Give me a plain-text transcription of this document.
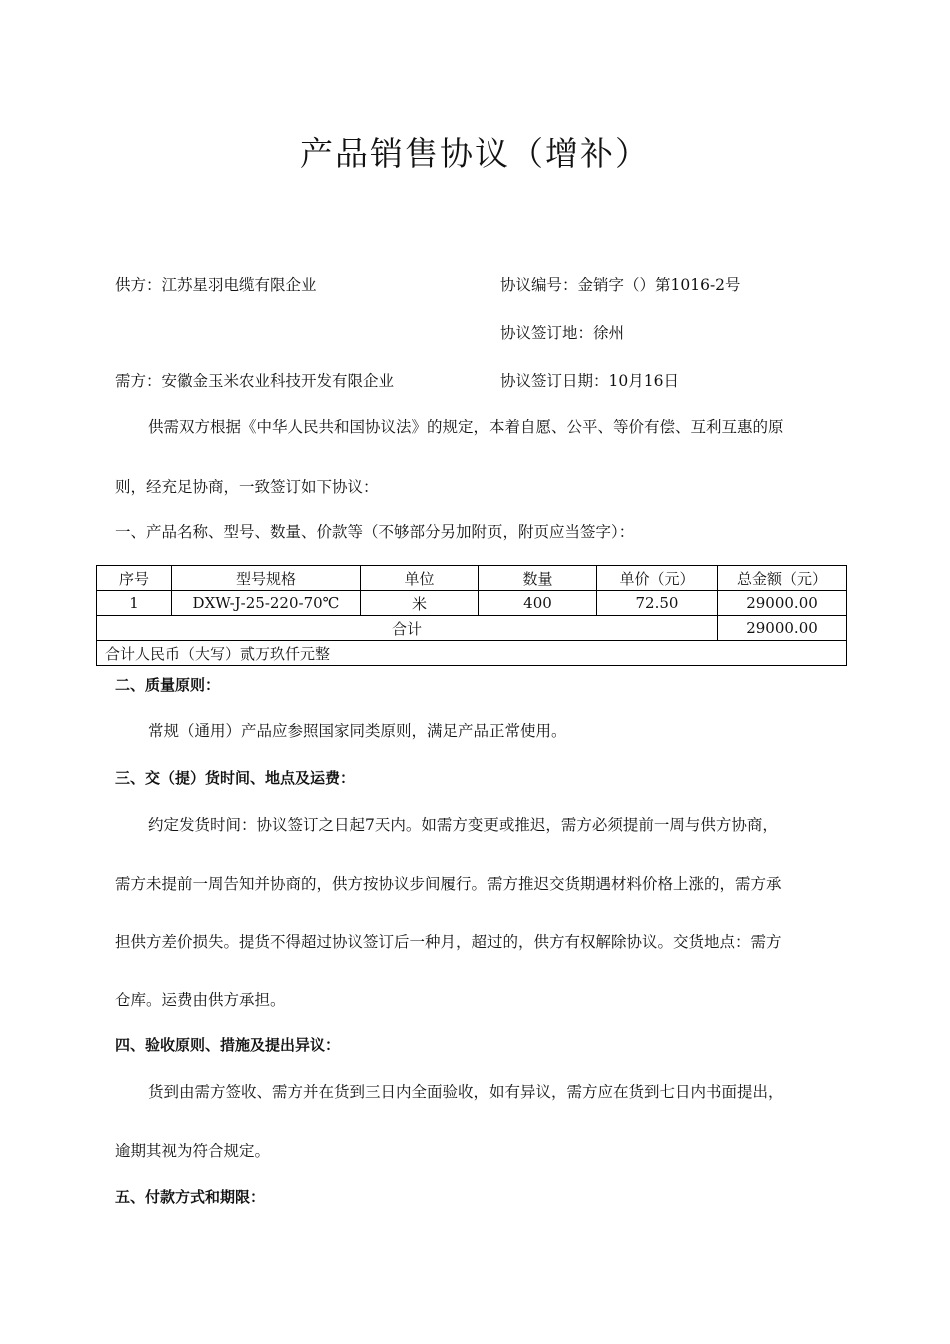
产品销售协议（增补）
供方：江苏星羽电缆有限企业	协议编号：金销字（）第1016-2号
协议签订地：徐州
需方：安徽金玉米农业科技开发有限企业	协议签订日期：10月16日
供需双方根据《中华人民共和国协议法》的规定，本着自愿、公平、等价有偿、互利互惠的原
则，经充足协商，一致签订如下协议：
一、产品名称、型号、数量、价款等（不够部分另加附页，附页应当签字）：
序号	型号规格	单位	数量	单价（元）	总金额（元）
1	DXW-J-25-220-70℃	米	400	72.50	29000.00
合计					29000.00
合计人民币（大写）贰万玖仟元整					
二、质量原则：
常规（通用）产品应参照国家同类原则，满足产品正常使用。
三、交（提）货时间、地点及运费：
约定发货时间：协议签订之日起7天内。如需方变更或推迟，需方必须提前一周与供方协商，
需方未提前一周告知并协商的，供方按协议步间履行。需方推迟交货期遇材料价格上涨的，需方承
担供方差价损失。提货不得超过协议签订后一种月，超过的，供方有权解除协议。交货地点：需方
仓库。运费由供方承担。
四、验收原则、措施及提出异议：
货到由需方签收、需方并在货到三日内全面验收，如有异议，需方应在货到七日内书面提出，
逾期其视为符合规定。
五、付款方式和期限：
